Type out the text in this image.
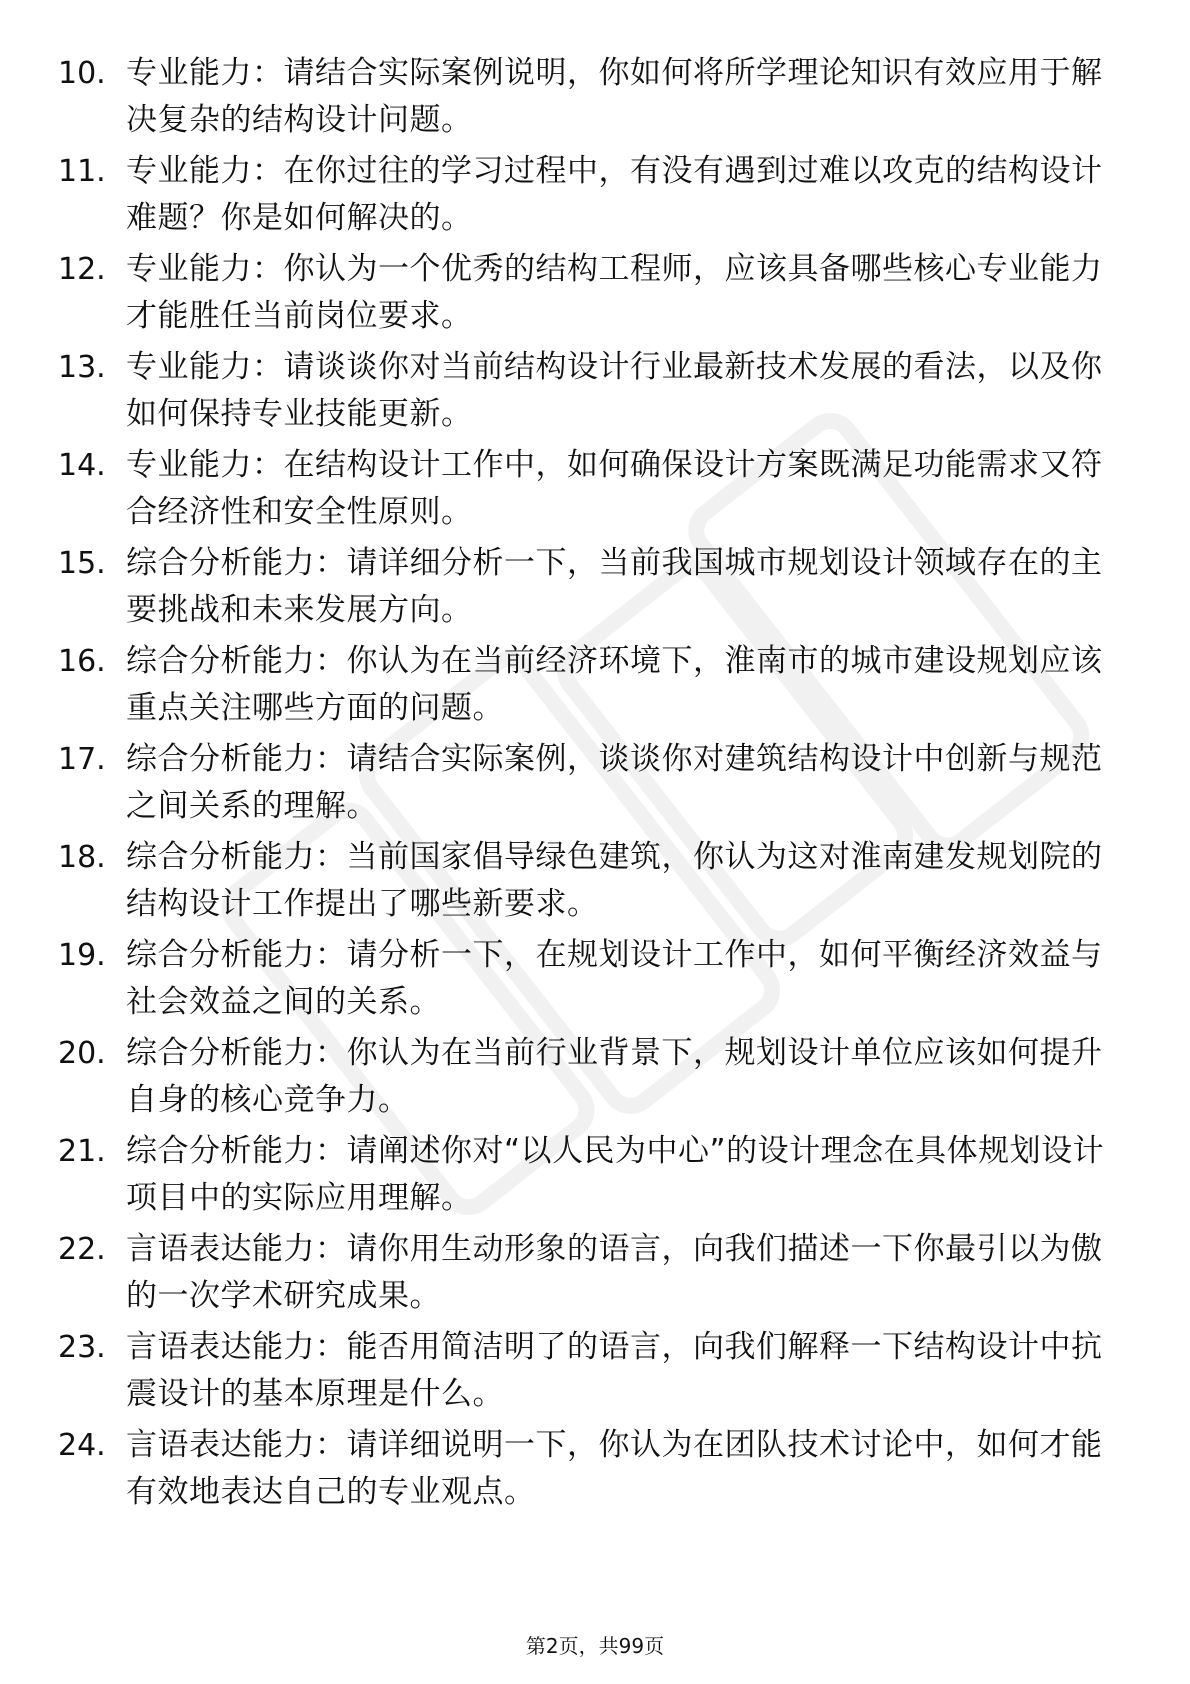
10. 专业能力：请结合实际案例说明，你如何将所学理论知识有效应用于解决复杂的结构设计问题。
11. 专业能力：在你过往的学习过程中，有没有遇到过难以攻克的结构设计难题？你是如何解决的。
12. 专业能力：你认为一个优秀的结构工程师，应该具备哪些核心专业能力才能胜任当前岗位要求。
13. 专业能力：请谈谈你对当前结构设计行业最新技术发展的看法，以及你如何保持专业技能更新。
14. 专业能力：在结构设计工作中，如何确保设计方案既满足功能需求又符合经济性和安全性原则。
15. 综合分析能力：请详细分析一下，当前我国城市规划设计领域存在的主要挑战和未来发展方向。
16. 综合分析能力：你认为在当前经济环境下，淮南市的城市建设规划应该重点关注哪些方面的问题。
17. 综合分析能力：请结合实际案例，谈谈你对建筑结构设计中创新与规范之间关系的理解。
18. 综合分析能力：当前国家倡导绿色建筑，你认为这对淮南建发规划院的结构设计工作提出了哪些新要求。
19. 综合分析能力：请分析一下，在规划设计工作中，如何平衡经济效益与社会效益之间的关系。
20. 综合分析能力：你认为在当前行业背景下，规划设计单位应该如何提升自身的核心竞争力。
21. 综合分析能力：请阐述你对“以人民为中心”的设计理念在具体规划设计项目中的实际应用理解。
22. 言语表达能力：请你用生动形象的语言，向我们描述一下你最引以为傲的一次学术研究成果。
23. 言语表达能力：能否用简洁明了的语言，向我们解释一下结构设计中抗震设计的基本原理是什么。
24. 言语表达能力：请详细说明一下，你认为在团队技术讨论中，如何才能有效地表达自己的专业观点。
第2页，共99页
